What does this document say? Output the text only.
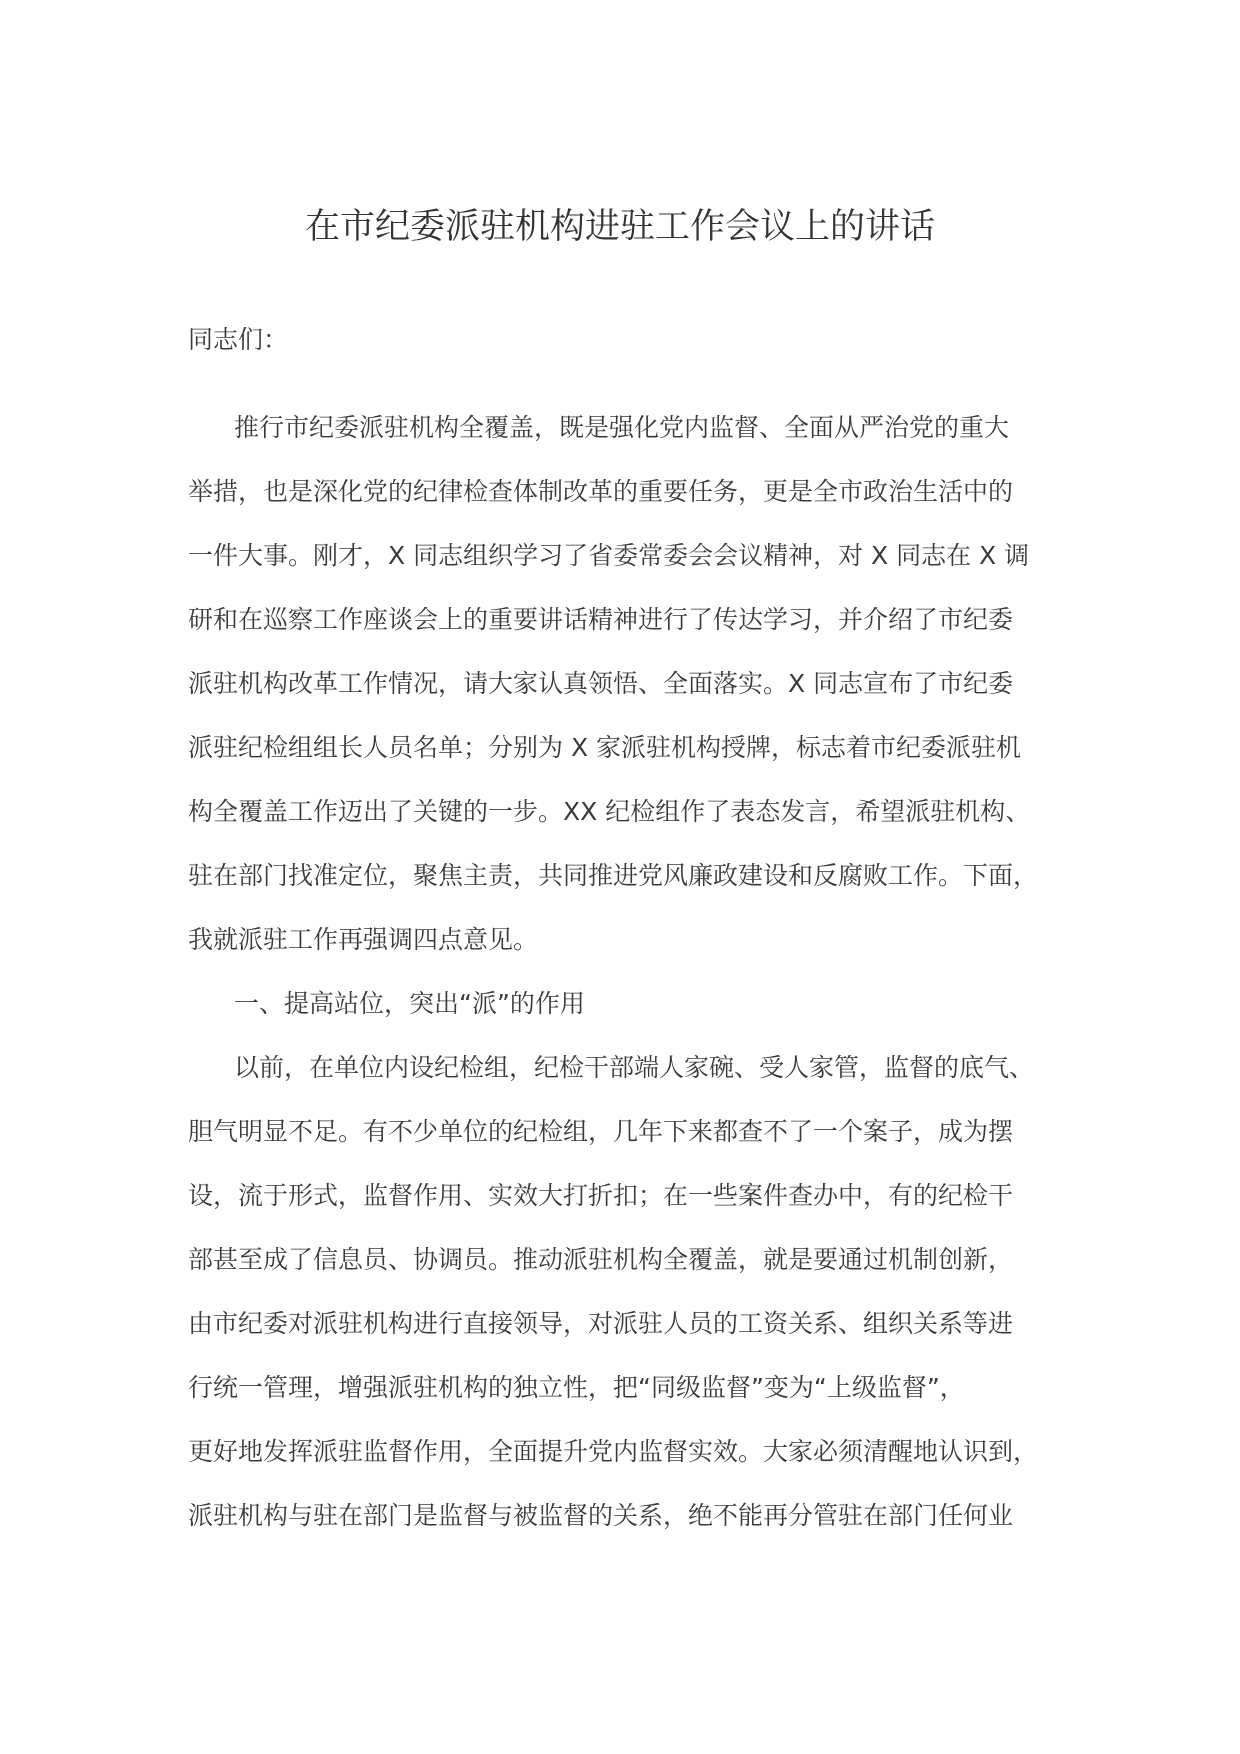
在市纪委派驻机构进驻工作会议上的讲话
同志们：
推行市纪委派驻机构全覆盖，既是强化党内监督、全面从严治党的重大
举措，也是深化党的纪律检查体制改革的重要任务，更是全市政治生活中的
一件大事。刚才，X 同志组织学习了省委常委会会议精神，对 X 同志在 X 调
研和在巡察工作座谈会上的重要讲话精神进行了传达学习，并介绍了市纪委
派驻机构改革工作情况，请大家认真领悟、全面落实。X 同志宣布了市纪委
派驻纪检组组长人员名单；分别为 X 家派驻机构授牌，标志着市纪委派驻机
构全覆盖工作迈出了关键的一步。XX 纪检组作了表态发言，希望派驻机构、
驻在部门找准定位，聚焦主责，共同推进党风廉政建设和反腐败工作。下面，
我就派驻工作再强调四点意见。
一、提高站位，突出“派”的作用
以前，在单位内设纪检组，纪检干部端人家碗、受人家管，监督的底气、
胆气明显不足。有不少单位的纪检组，几年下来都查不了一个案子，成为摆
设，流于形式，监督作用、实效大打折扣；在一些案件查办中，有的纪检干
部甚至成了信息员、协调员。推动派驻机构全覆盖，就是要通过机制创新，
由市纪委对派驻机构进行直接领导，对派驻人员的工资关系、组织关系等进
行统一管理，增强派驻机构的独立性，把“同级监督”变为“上级监督”，
更好地发挥派驻监督作用，全面提升党内监督实效。大家必须清醒地认识到，
派驻机构与驻在部门是监督与被监督的关系，绝不能再分管驻在部门任何业
